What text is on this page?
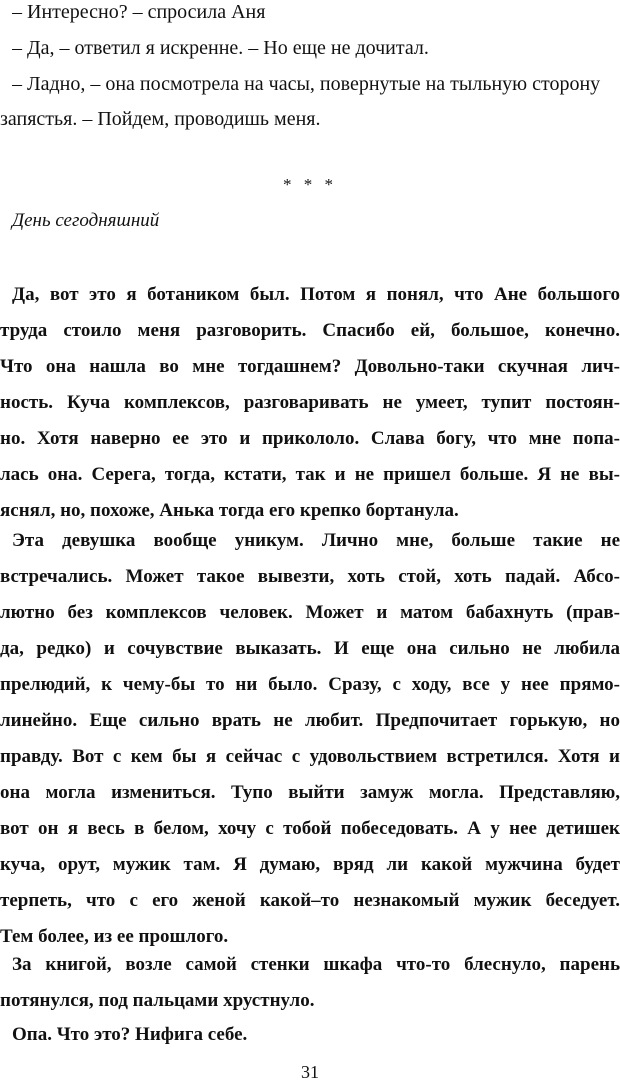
– Интересно? – спросила Аня
– Да, – ответил я искренне. – Но еще не дочитал.
– Ладно, – она посмотрела на часы, повернутые на тыльную сторону
запястья. – Пойдем, проводишь меня.
* * *
День сегодняшний
Да, вот это я ботаником был. Потом я понял, что Ане большого
труда стоило меня разговорить. Спасибо ей, большое, конечно.
Что она нашла во мне тогдашнем? Довольно-таки скучная лич-
ность. Куча комплексов, разговаривать не умеет, тупит постоян-
но. Хотя наверно ее это и прикололо. Слава богу, что мне попа-
лась она. Серега, тогда, кстати, так и не пришел больше. Я не вы-
яснял, но, похоже, Анька тогда его крепко бортанула.
Эта девушка вообще уникум. Лично мне, больше такие не
встречались. Может такое вывезти, хоть стой, хоть падай. Абсо-
лютно без комплексов человек. Может и матом бабахнуть (прав-
да, редко) и сочувствие выказать. И еще она сильно не любила
прелюдий, к чему-бы то ни было. Сразу, с ходу, все у нее прямо-
линейно. Еще сильно врать не любит. Предпочитает горькую, но
правду. Вот с кем бы я сейчас с удовольствием встретился. Хотя и
она могла измениться. Тупо выйти замуж могла. Представляю,
вот он я весь в белом, хочу с тобой побеседовать. А у нее детишек
куча, орут, мужик там. Я думаю, вряд ли какой мужчина будет
терпеть, что с его женой какой–то незнакомый мужик беседует.
Тем более, из ее прошлого.
За книгой, возле самой стенки шкафа что-то блеснуло, парень
потянулся, под пальцами хрустнуло.
Опа. Что это? Нифига себе.
31
